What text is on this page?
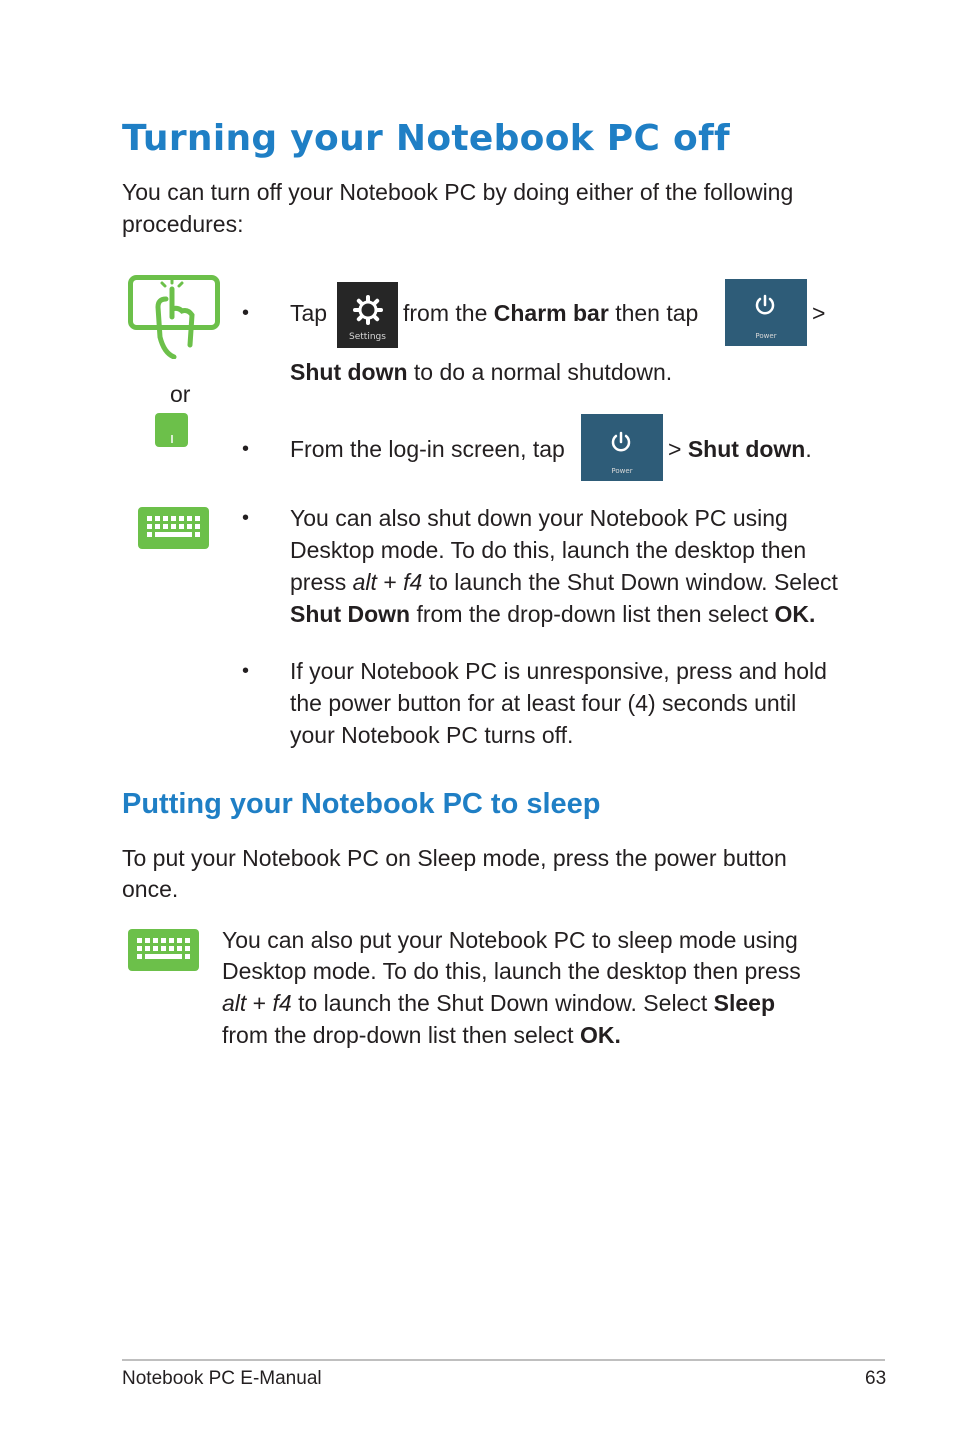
Turning your Notebook PC off
You can turn off your Notebook PC by doing either of the following
procedures:
or
• Tap
Settings
from the Charm bar then tap
Power
>
Shut down to do a normal shutdown.
• From the log-in screen, tap
Power
> Shut down.
• You can also shut down your Notebook PC using
Desktop mode. To do this, launch the desktop then
press alt + f4 to launch the Shut Down window. Select
Shut Down from the drop-down list then select OK.
• If your Notebook PC is unresponsive, press and hold
the power button for at least four (4) seconds until
your Notebook PC turns off.
Putting your Notebook PC to sleep
To put your Notebook PC on Sleep mode, press the power button
once.
You can also put your Notebook PC to sleep mode using
Desktop mode. To do this, launch the desktop then press
alt + f4 to launch the Shut Down window. Select Sleep
from the drop-down list then select OK.
Notebook PC E-Manual	63
